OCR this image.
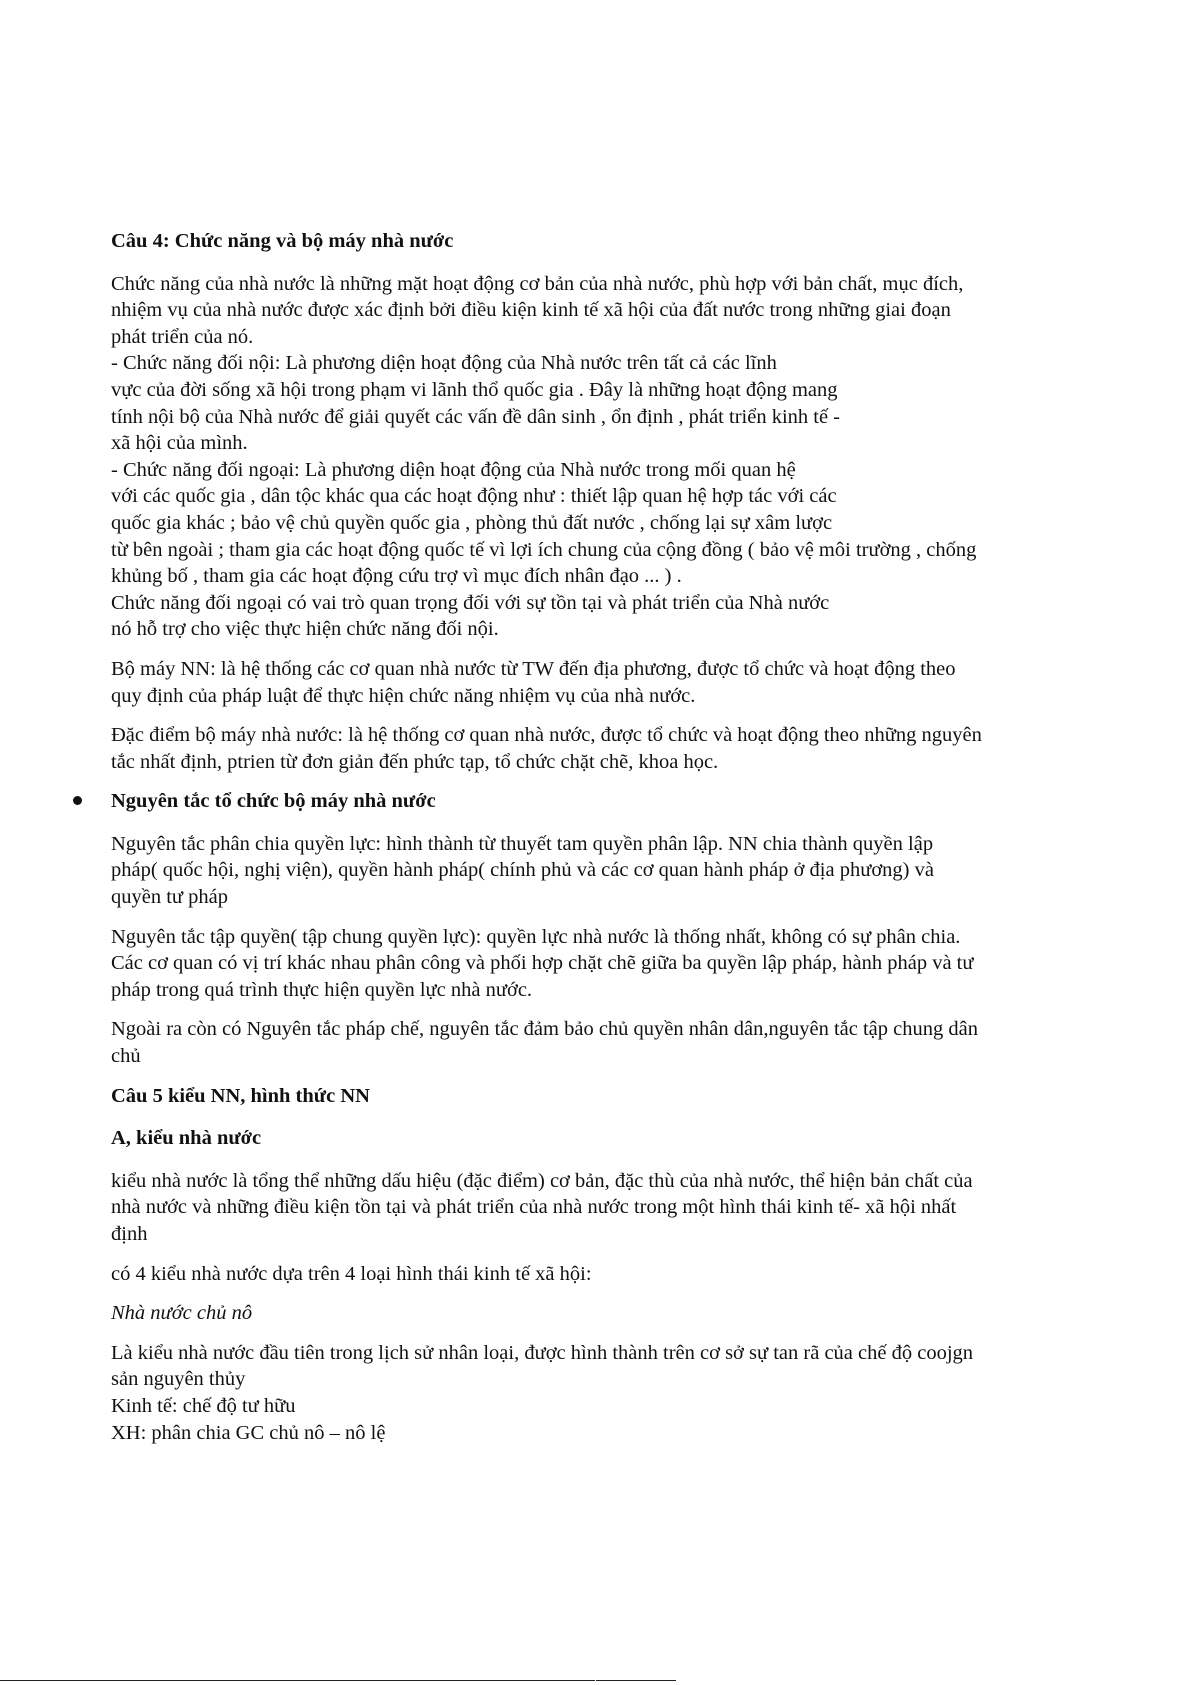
Câu 4: Chức năng và bộ máy nhà nước

Chức năng của nhà nước là những mặt hoạt động cơ bản của nhà nước, phù hợp với bản chất, mục đích,
nhiệm vụ của nhà nước được xác định bởi điều kiện kinh tế xã hội của đất nước trong những giai đoạn
phát triển của nó.
- Chức năng đối nội: Là phương diện hoạt động của Nhà nước trên tất cả các lĩnh
vực của đời sống xã hội trong phạm vi lãnh thổ quốc gia . Đây là những hoạt động mang
tính nội bộ của Nhà nước để giải quyết các vấn đề dân sinh , ổn định , phát triển kinh tế -
xã hội của mình.
- Chức năng đối ngoại: Là phương diện hoạt động của Nhà nước trong mối quan hệ
với các quốc gia , dân tộc khác qua các hoạt động như : thiết lập quan hệ hợp tác với các
quốc gia khác ; bảo vệ chủ quyền quốc gia , phòng thủ đất nước , chống lại sự xâm lược
từ bên ngoài ; tham gia các hoạt động quốc tế vì lợi ích chung của cộng đồng ( bảo vệ môi trường , chống
khủng bố , tham gia các hoạt động cứu trợ vì mục đích nhân đạo ... ) .
Chức năng đối ngoại có vai trò quan trọng đối với sự tồn tại và phát triển của Nhà nước
nó hỗ trợ cho việc thực hiện chức năng đối nội.

Bộ máy NN: là hệ thống các cơ quan nhà nước từ TW đến địa phương, được tổ chức và hoạt động theo
quy định của pháp luật để thực hiện chức năng nhiệm vụ của nhà nước.

Đặc điểm bộ máy nhà nước: là hệ thống cơ quan nhà nước, được tổ chức và hoạt động theo những nguyên
tắc nhất định, ptrien từ đơn giản đến phức tạp, tổ chức chặt chẽ, khoa học.

Nguyên tắc tổ chức bộ máy nhà nước

Nguyên tắc phân chia quyền lực: hình thành từ thuyết tam quyền phân lập. NN chia thành quyền lập
pháp( quốc hội, nghị viện), quyền hành pháp( chính phủ và các cơ quan hành pháp ở địa phương) và
quyền tư pháp

Nguyên tắc tập quyền( tập chung quyền lực): quyền lực nhà nước là thống nhất, không có sự phân chia.
Các cơ quan có vị trí khác nhau phân công và phối hợp chặt chẽ giữa ba quyền lập pháp, hành pháp và tư
pháp trong quá trình thực hiện quyền lực nhà nước.

Ngoài ra còn có Nguyên tắc pháp chế, nguyên tắc đảm bảo chủ quyền nhân dân,nguyên tắc tập chung dân
chủ

Câu 5 kiểu NN, hình thức NN
A, kiểu nhà nước

kiểu nhà nước là tổng thể những dấu hiệu (đặc điểm) cơ bản, đặc thù của nhà nước, thể hiện bản chất của
nhà nước và những điều kiện tồn tại và phát triển của nhà nước trong một hình thái kinh tế- xã hội nhất
định

có 4 kiểu nhà nước dựa trên 4 loại hình thái kinh tế xã hội:

Nhà nước chủ nô

Là kiểu nhà nước đầu tiên trong lịch sử nhân loại, được hình thành trên cơ sở sự tan rã của chế độ coojgn
sản nguyên thủy
Kinh tế: chế độ tư hữu
XH: phân chia GC chủ nô – nô lệ
